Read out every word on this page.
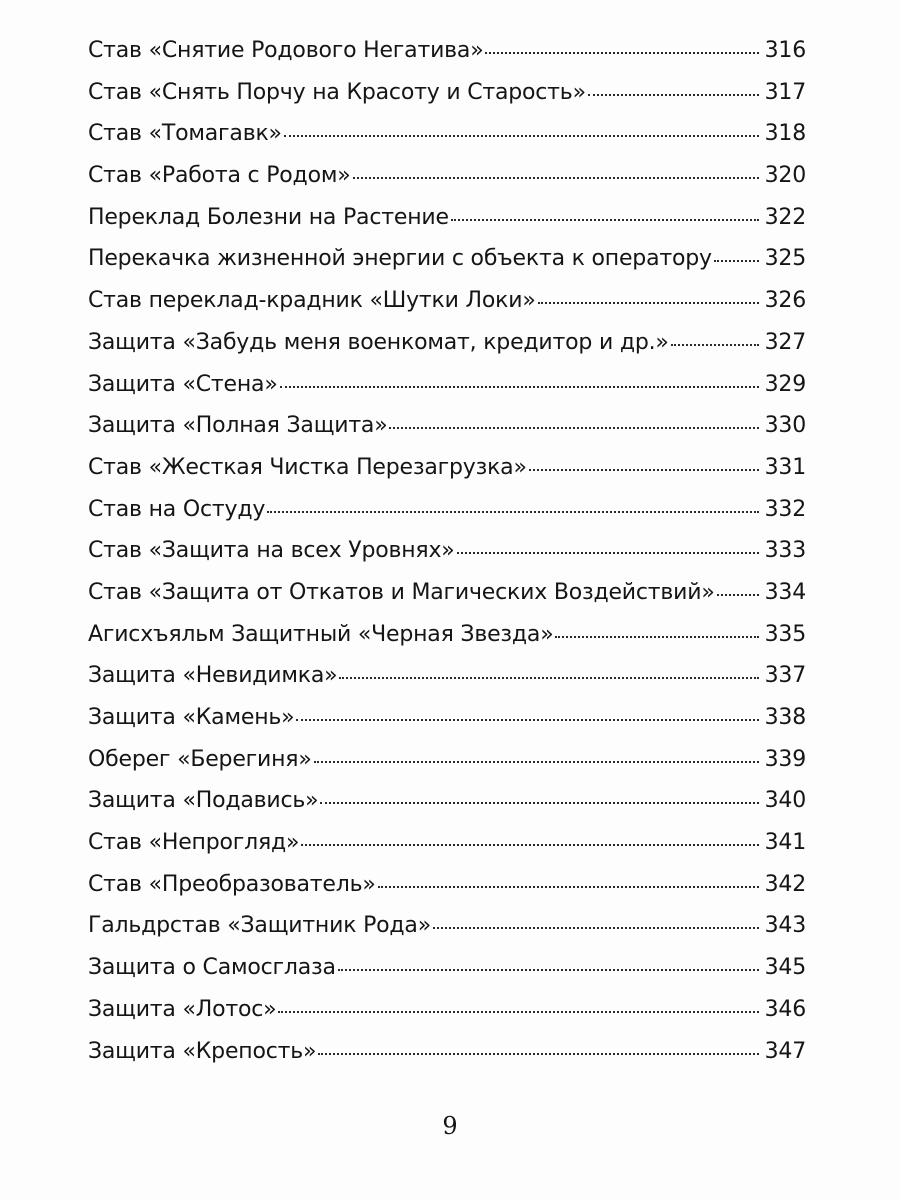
Став «Снятие Родового Негатива»	316
Став «Снять Порчу на Красоту и Старость»	317
Став «Томагавк»	318
Став «Работа с Родом»	320
Переклад Болезни на Растение	322
Перекачка жизненной энергии с объекта к оператору 325
Став переклад-крадник «Шутки Локи»	326
Защита «Забудь меня военкомат, кредитор и др.»	327
Защита «Стена»	329
Защита «Полная Защита»	330
Став «Жесткая Чистка Перезагрузка»	331
Став на Остуду	332
Став «Защита на всех Уровнях»	333
Став «Защита от Откатов и Магических Воздействий» 334
Агисхъяльм Защитный «Черная Звезда»	335
Защита «Невидимка»	337
Защита «Камень»	338
Оберег «Берегиня»	339
Защита «Подавись»	340
Став «Непрогляд»	341
Став «Преобразователь»	342
Гальдрстав «Защитник Рода»	343
Защита о Самосглаза	345
Защита «Лотос»	346
Защита «Крепость»	347
9
